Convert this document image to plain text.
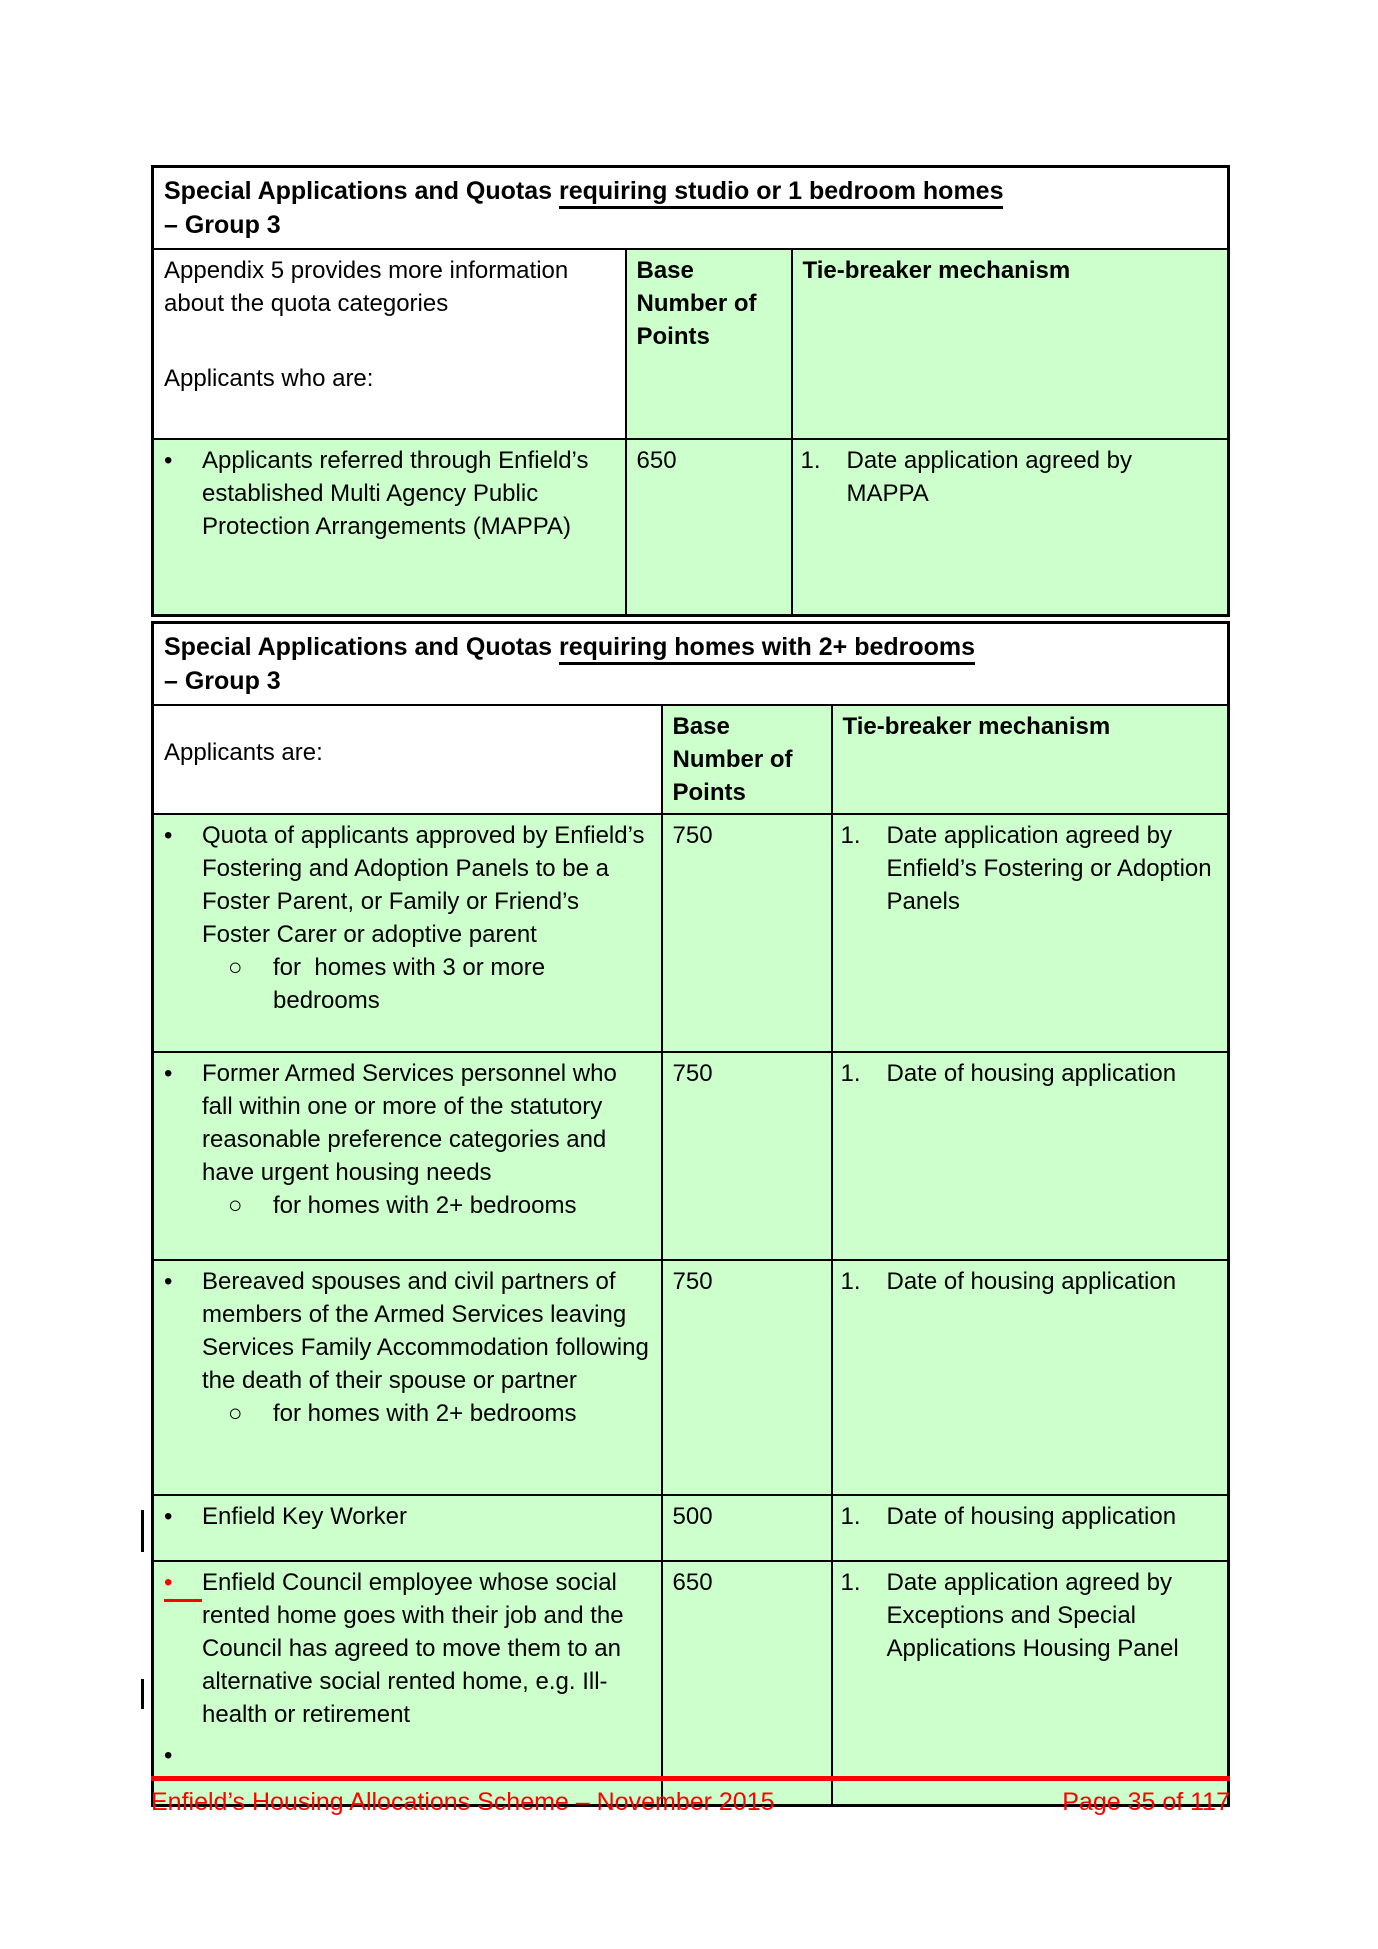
Special Applications and Quotas requiring studio or 1 bedroom homes
– Group 3		

Appendix 5 provides more information about the quota categories
Applicants who are:	Base Number of Points	Tie-breaker mechanism

• Applicants referred through Enfield’s established Multi Agency Public Protection Arrangements (MAPPA)	650	1. Date application agreed by MAPPA
Special Applications and Quotas requiring homes with 2+ bedrooms
– Group 3		

Applicants are:	Base Number of Points	Tie-breaker mechanism

•	Quota of applicants approved by Enfield’s Fostering and Adoption Panels to be a Foster Parent, or Family or Friend’s Foster Carer or adoptive parent
○	for  homes with 3 or more bedrooms
	750	1.	Date application agreed by Enfield’s Fostering or Adoption Panels

•	Former Armed Services personnel who fall within one or more of the statutory reasonable preference categories and have urgent housing needs
○	for homes with 2+ bedrooms
	750	1.	Date of housing application

•	Bereaved spouses and civil partners of members of the Armed Services leaving Services Family Accommodation following the death of their spouse or partner
○	for homes with 2+ bedrooms
	750	1.	Date of housing application

• Enfield Key Worker	500	1. Date of housing application

•	Enfield Council employee whose social rented home goes with their job and the Council has agreed to move them to an alternative social rented home, e.g. Ill-health or retirement
•
	650	1.	Date application agreed by Exceptions and Special Applications Housing Panel
Enfield’s Housing Allocations Scheme – November 2015	Page 35 of 117
